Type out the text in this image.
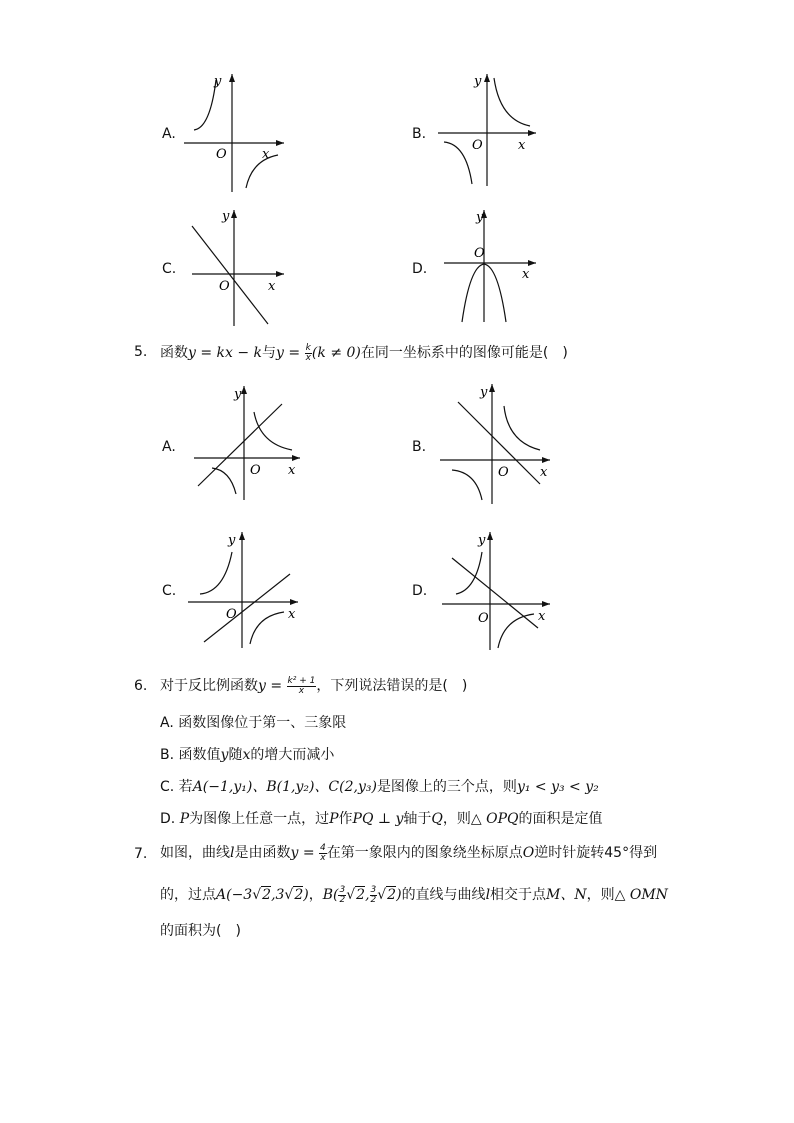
A.
y
O	x
B.
y
O	x
C.
y
O	x
D.
y
O
x
5. 函数y = kx − k与$y = \frac{k}{x} (k \ne 0)$在同一坐标系中的图像可能是(　)
A.
y
O x
B.
y
O x
C.
y
O	x
D.
y
O	x
6. 对于反比例函数$y = \frac{\text{k² + 1}}{x}$ ，下列说法错误的是(　)
A. 函数图像位于第一、三象限
B. 函数值y随x的增大而减小
C. 若A(−1,y₁)、B(1,y₂)、C(2,y₃)是图像上的三个点，则y₁ < y₃ < y₂
D. P为图像上任意一点，过P作PQ ⊥ y轴于Q，则△ OPQ的面积是定值
7. 如图，曲线l是由函数$y = \frac{4}{x}$ 在第一象限内的图象绕坐标原点O逆时针旋转45°得到
的，过点A(−3√2,3√2)，$B( \frac{3}{2} √2$, $\frac{3}{2} √2$)的直线与曲线l相交于点M、N，则△ OMN
的面积为(　)
